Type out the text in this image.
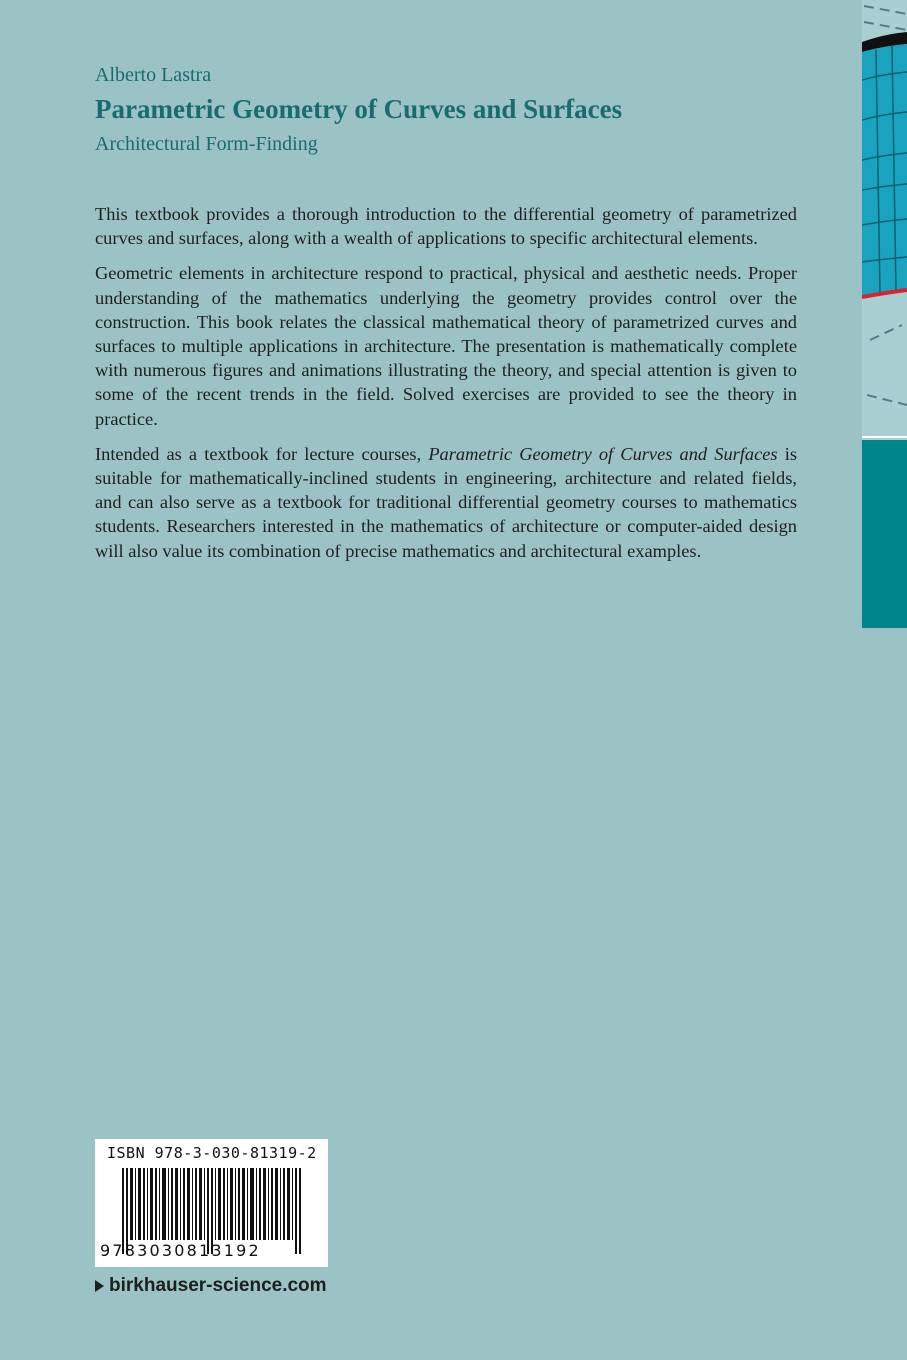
Alberto Lastra
Parametric Geometry of Curves and Surfaces
Architectural Form-Finding

This textbook provides a thorough introduction to the differential geometry of parametrized curves and surfaces, along with a wealth of applications to specific architectural elements.

Geometric elements in architecture respond to practical, physical and aesthetic needs. Proper understanding of the mathematics underlying the geometry provides control over the construction. This book relates the classical mathematical theory of parametrized curves and surfaces to multiple applications in architecture. The presentation is mathematically complete with numerous figures and animations illustrating the theory, and special attention is given to some of the recent trends in the field. Solved exercises are provided to see the theory in practice.

Intended as a textbook for lecture courses, Parametric Geometry of Curves and Surfaces is suitable for mathematically-inclined students in engineering, architecture and related fields, and can also serve as a textbook for traditional differential geometry courses to mathematics students. Researchers interested in the mathematics of architecture or computer-aided design will also value its combination of precise mathematics and architectural examples.

ISBN 978-3-030-81319-2
9783030813192
birkhauser-science.com
